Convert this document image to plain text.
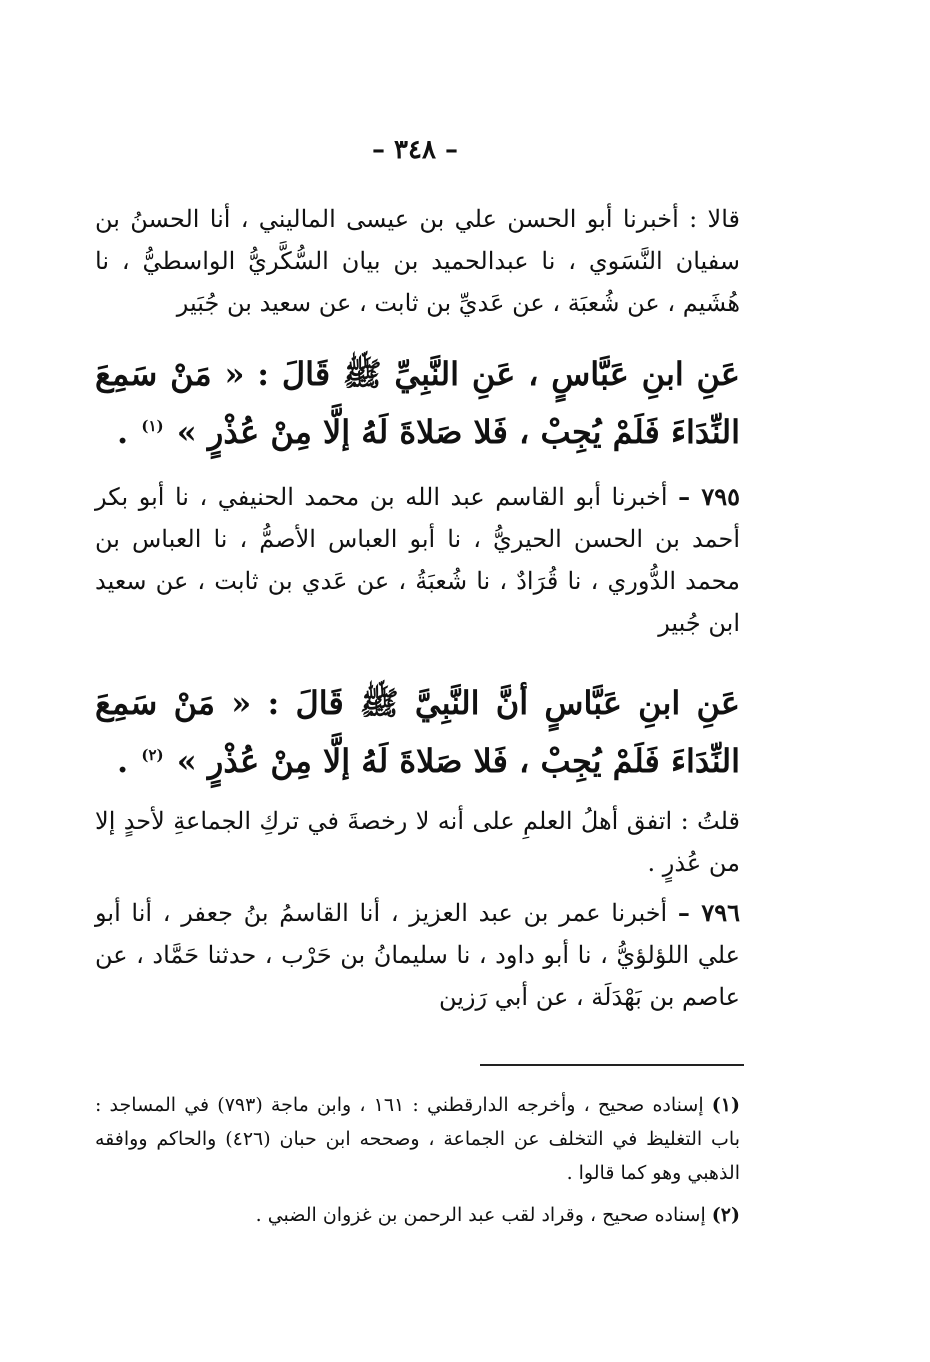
– ٣٤٨ –
قالا : أخبرنا أبو الحسن علي بن عيسى الماليني ، أنا الحسنُ بن سفيان النَّسَوي ، نا عبدالحميد بن بيان السُّكَّريُّ الواسطيُّ ، نا هُشَيم ، عن شُعبَة ، عن عَديِّ بن ثابت ، عن سعيد بن جُبَير
عَنِ ابنِ عَبَّاسٍ ، عَنِ النَّبِيِّ ﷺ قَالَ : « مَنْ سَمِعَ النِّدَاءَ فَلَمْ يُجِبْ ، فَلا صَلاةَ لَهُ إلَّا مِنْ عُذْرٍ » $^{(١)}$ .
٧٩٥ – أخبرنا أبو القاسم عبد الله بن محمد الحنيفي ، نا أبو بكر أحمد بن الحسن الحيريُّ ، نا أبو العباس الأصمُّ ، نا العباس بن محمد الدُّوري ، نا قُرَادٌ ، نا شُعبَةُ ، عن عَدي بن ثابت ، عن سعيد ابن جُبير
عَنِ ابنِ عَبَّاسٍ أنَّ النَّبِيَّ ﷺ قَالَ : « مَنْ سَمِعَ النِّدَاءَ فَلَمْ يُجِبْ ، فَلا صَلاةَ لَهُ إلَّا مِنْ عُذْرٍ » $^{(٢)}$ .
قلتُ : اتفق أهلُ العلمِ على أنه لا رخصةَ في تركِ الجماعةِ لأحدٍ إلا من عُذرٍ .
٧٩٦ – أخبرنا عمر بن عبد العزيز ، أنا القاسمُ بنُ جعفر ، أنا أبو علي اللؤلؤيُّ ، نا أبو داود ، نا سليمانُ بن حَرْب ، حدثنا حَمَّاد ، عن عاصم بن بَهْدَلَة ، عن أبي رَزين

(١) إسناده صحيح ، وأخرجه الدارقطني : ١٦١ ، وابن ماجة (٧٩٣) في المساجد : باب التغليظ في التخلف عن الجماعة ، وصححه ابن حبان (٤٢٦) والحاكم ووافقه الذهبي وهو كما قالوا .

(٢) إسناده صحيح ، وقراد لقب عبد الرحمن بن غزوان الضبي .
